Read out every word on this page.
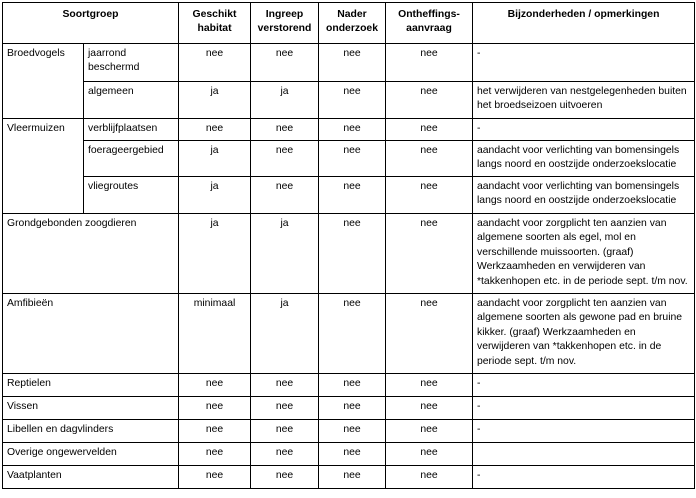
Soortgroep		Geschikt habitat	Ingreep verstorend	Nader onderzoek	Ontheffings-aanvraag	Bijzonderheden / opmerkingen
Broedvogels	jaarrond beschermd	nee	nee	nee	nee	-
	algemeen	ja	ja	nee	nee	het verwijderen van nestgelegenheden buiten het broedseizoen uitvoeren
Vleermuizen	verblijfplaatsen	nee	nee	nee	nee	-
	foerageergebied	ja	nee	nee	nee	aandacht voor verlichting van bomensingels langs noord en oostzijde onderzoekslocatie
	vliegroutes	ja	nee	nee	nee	aandacht voor verlichting van bomensingels langs noord en oostzijde onderzoekslocatie
Grondgebonden zoogdieren		ja	ja	nee	nee	aandacht voor zorgplicht ten aanzien van algemene soorten als egel, mol en verschillende muissoorten. (graaf) Werkzaamheden en verwijderen van *takkenhopen etc. in de periode sept. t/m nov.
Amfibieën		minimaal	ja	nee	nee	aandacht voor zorgplicht ten aanzien van algemene soorten als gewone pad en bruine kikker. (graaf) Werkzaamheden en verwijderen van *takkenhopen etc. in de periode sept. t/m nov.
Reptielen		nee	nee	nee	nee	-
Vissen		nee	nee	nee	nee	-
Libellen en dagvlinders		nee	nee	nee	nee	-
Overige ongewervelden		nee	nee	nee	nee	
Vaatplanten		nee	nee	nee	nee	-
